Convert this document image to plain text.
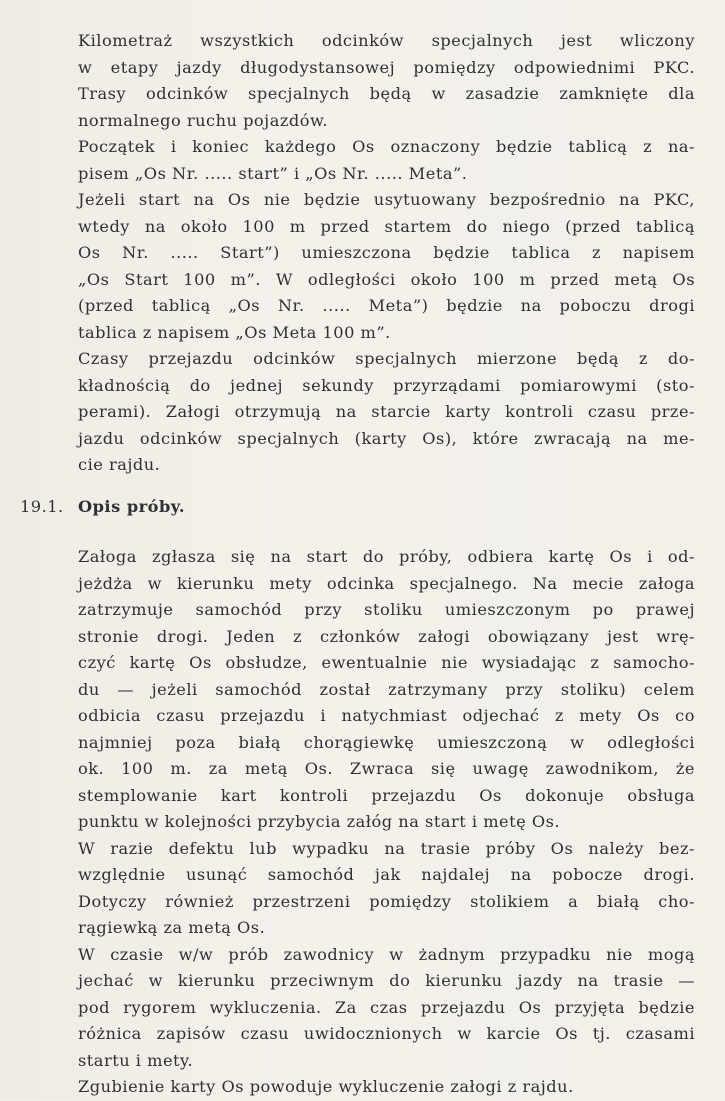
Kilometraż wszystkich odcinków specjalnych jest wliczony
w etapy jazdy długodystansowej pomiędzy odpowiednimi PKC.
Trasy odcinków specjalnych będą w zasadzie zamknięte dla
normalnego ruchu pojazdów.
Początek i koniec każdego Os oznaczony będzie tablicą z na-
pisem „Os Nr. ..... start” i „Os Nr. ..... Meta”.
Jeżeli start na Os nie będzie usytuowany bezpośrednio na PKC,
wtedy na około 100 m przed startem do niego (przed tablicą
Os Nr. ..... Start”) umieszczona będzie tablica z napisem
„Os Start 100 m”. W odległości około 100 m przed metą Os
(przed tablicą „Os Nr. ..... Meta”) będzie na poboczu drogi
tablica z napisem „Os Meta 100 m”.
Czasy przejazdu odcinków specjalnych mierzone będą z do-
kładnością do jednej sekundy przyrządami pomiarowymi (sto-
perami). Załogi otrzymują na starcie karty kontroli czasu prze-
jazdu odcinków specjalnych (karty Os), które zwracają na me-
cie rajdu.
19.1. Opis próby.
Załoga zgłasza się na start do próby, odbiera kartę Os i od-
jeżdża w kierunku mety odcinka specjalnego. Na mecie załoga
zatrzymuje samochód przy stoliku umieszczonym po prawej
stronie drogi. Jeden z członków załogi obowiązany jest wrę-
czyć kartę Os obsłudze, ewentualnie nie wysiadając z samocho-
du — jeżeli samochód został zatrzymany przy stoliku) celem
odbicia czasu przejazdu i natychmiast odjechać z mety Os co
najmniej poza białą chorągiewkę umieszczoną w odległości
ok. 100 m. za metą Os. Zwraca się uwagę zawodnikom, że
stemplowanie kart kontroli przejazdu Os dokonuje obsługa
punktu w kolejności przybycia załóg na start i metę Os.
W razie defektu lub wypadku na trasie próby Os należy bez-
względnie usunąć samochód jak najdalej na pobocze drogi.
Dotyczy również przestrzeni pomiędzy stolikiem a białą cho-
rągiewką za metą Os.
W czasie w/w prób zawodnicy w żadnym przypadku nie mogą
jechać w kierunku przeciwnym do kierunku jazdy na trasie —
pod rygorem wykluczenia. Za czas przejazdu Os przyjęta będzie
różnica zapisów czasu uwidocznionych w karcie Os tj. czasami
startu i mety.
Zgubienie karty Os powoduje wykluczenie załogi z rajdu.
